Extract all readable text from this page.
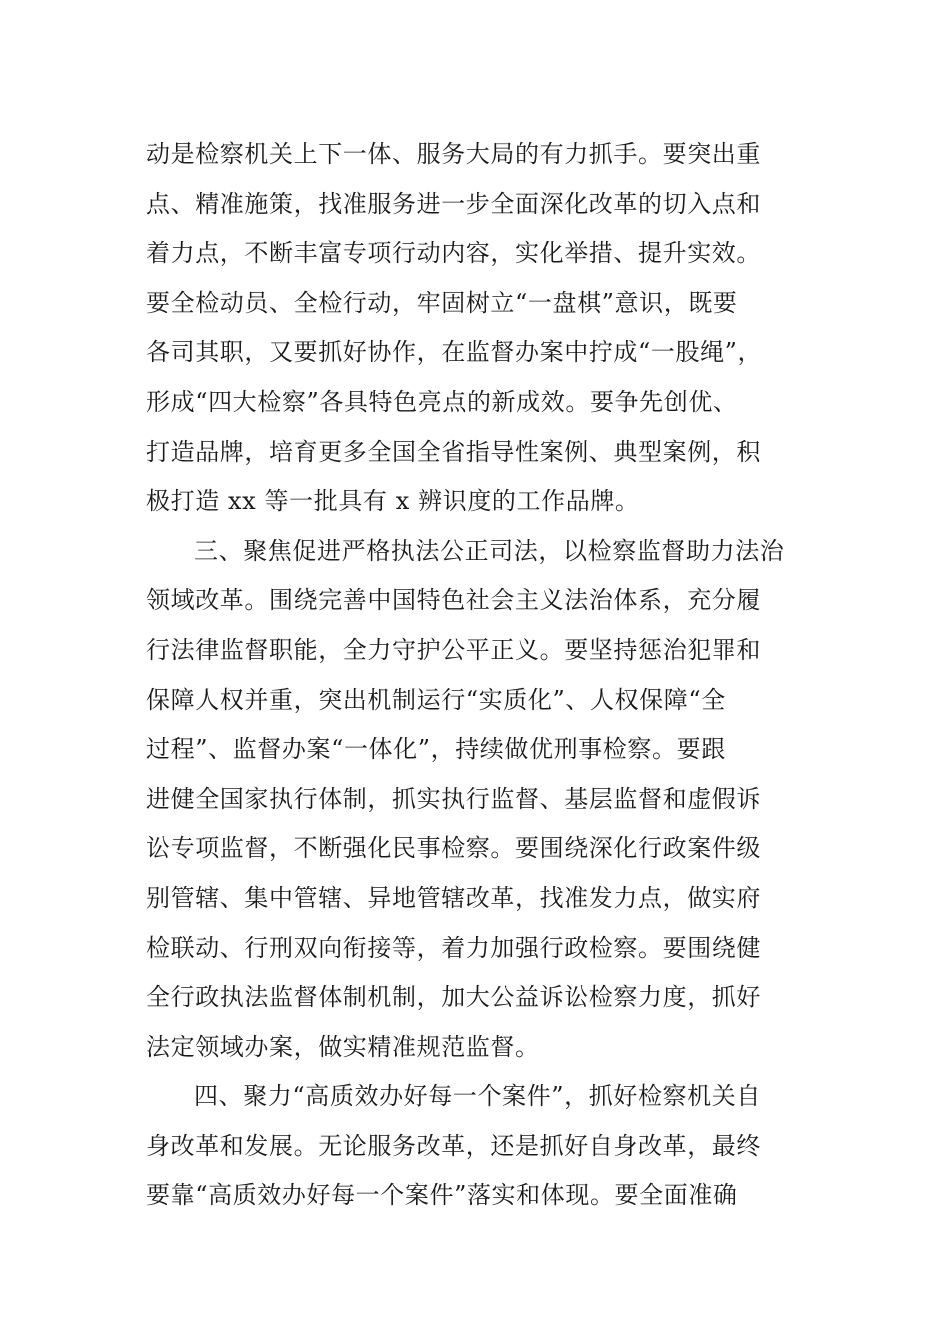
动是检察机关上下一体、服务大局的有力抓手。要突出重
点、精准施策，找准服务进一步全面深化改革的切入点和
着力点，不断丰富专项行动内容，实化举措、提升实效。
要全检动员、全检行动，牢固树立“一盘棋”意识，既要
各司其职，又要抓好协作，在监督办案中拧成“一股绳”，
形成“四大检察”各具特色亮点的新成效。要争先创优、
打造品牌，培育更多全国全省指导性案例、典型案例，积
极打造 xx 等一批具有 x 辨识度的工作品牌。
三、聚焦促进严格执法公正司法，以检察监督助力法治
领域改革。围绕完善中国特色社会主义法治体系，充分履
行法律监督职能，全力守护公平正义。要坚持惩治犯罪和
保障人权并重，突出机制运行“实质化”、人权保障“全
过程”、监督办案“一体化”，持续做优刑事检察。要跟
进健全国家执行体制，抓实执行监督、基层监督和虚假诉
讼专项监督，不断强化民事检察。要围绕深化行政案件级
别管辖、集中管辖、异地管辖改革，找准发力点，做实府
检联动、行刑双向衔接等，着力加强行政检察。要围绕健
全行政执法监督体制机制，加大公益诉讼检察力度，抓好
法定领域办案，做实精准规范监督。
四、聚力“高质效办好每一个案件”，抓好检察机关自
身改革和发展。无论服务改革，还是抓好自身改革，最终
要靠“高质效办好每一个案件”落实和体现。要全面准确
